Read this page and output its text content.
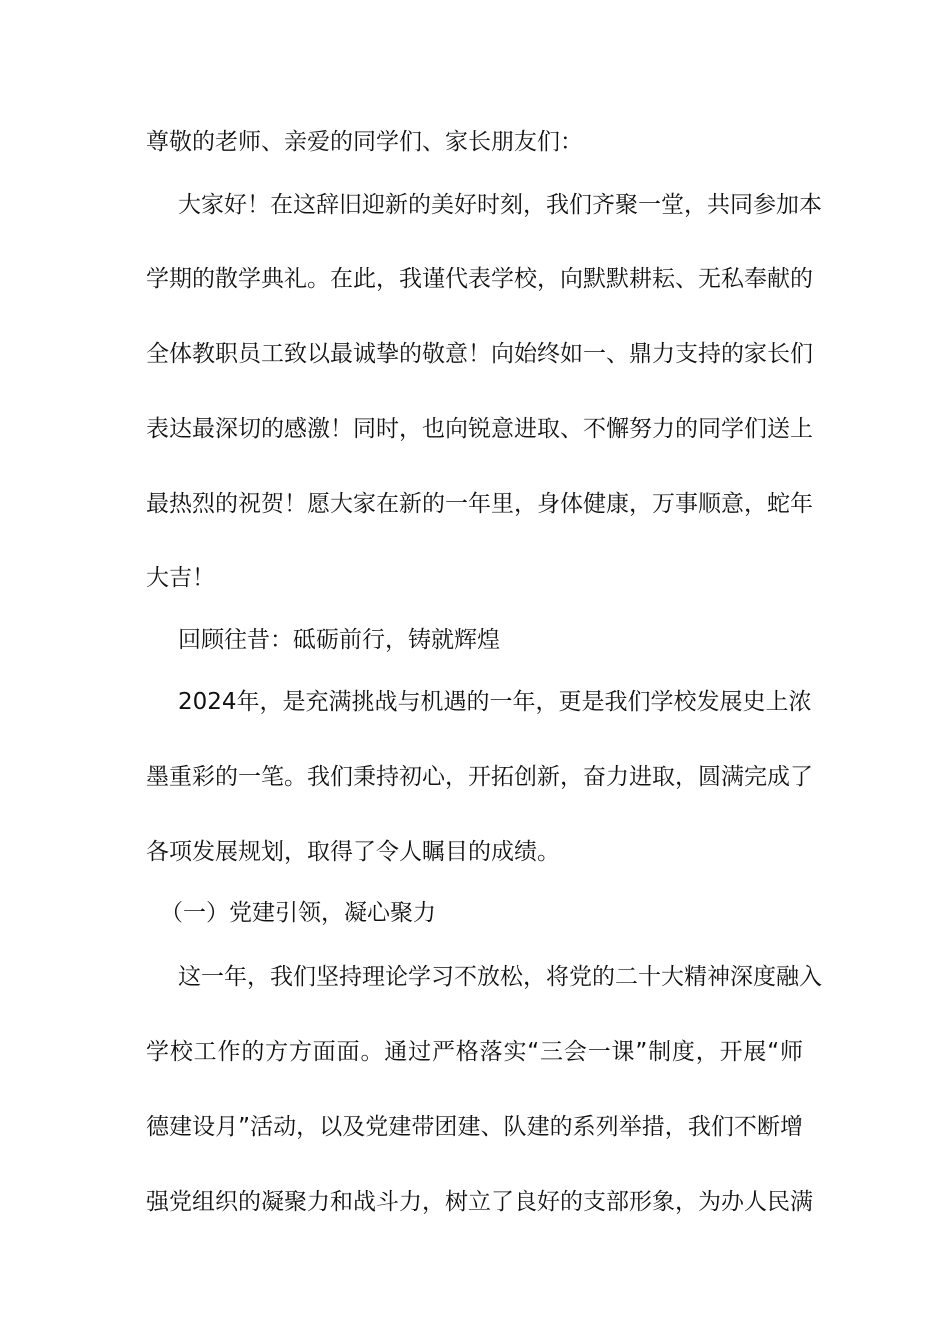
尊敬的老师、亲爱的同学们、家长朋友们：
大家好！在这辞旧迎新的美好时刻，我们齐聚一堂，共同参加本
学期的散学典礼。在此，我谨代表学校，向默默耕耘、无私奉献的
全体教职员工致以最诚挚的敬意！向始终如一、鼎力支持的家长们
表达最深切的感激！同时，也向锐意进取、不懈努力的同学们送上
最热烈的祝贺！愿大家在新的一年里，身体健康，万事顺意，蛇年
大吉！
回顾往昔：砥砺前行，铸就辉煌
2024年，是充满挑战与机遇的一年，更是我们学校发展史上浓
墨重彩的一笔。我们秉持初心，开拓创新，奋力进取，圆满完成了
各项发展规划，取得了令人瞩目的成绩。
（一）党建引领，凝心聚力
这一年，我们坚持理论学习不放松，将党的二十大精神深度融入
学校工作的方方面面。通过严格落实“三会一课”制度，开展“师
德建设月”活动，以及党建带团建、队建的系列举措，我们不断增
强党组织的凝聚力和战斗力，树立了良好的支部形象，为办人民满
